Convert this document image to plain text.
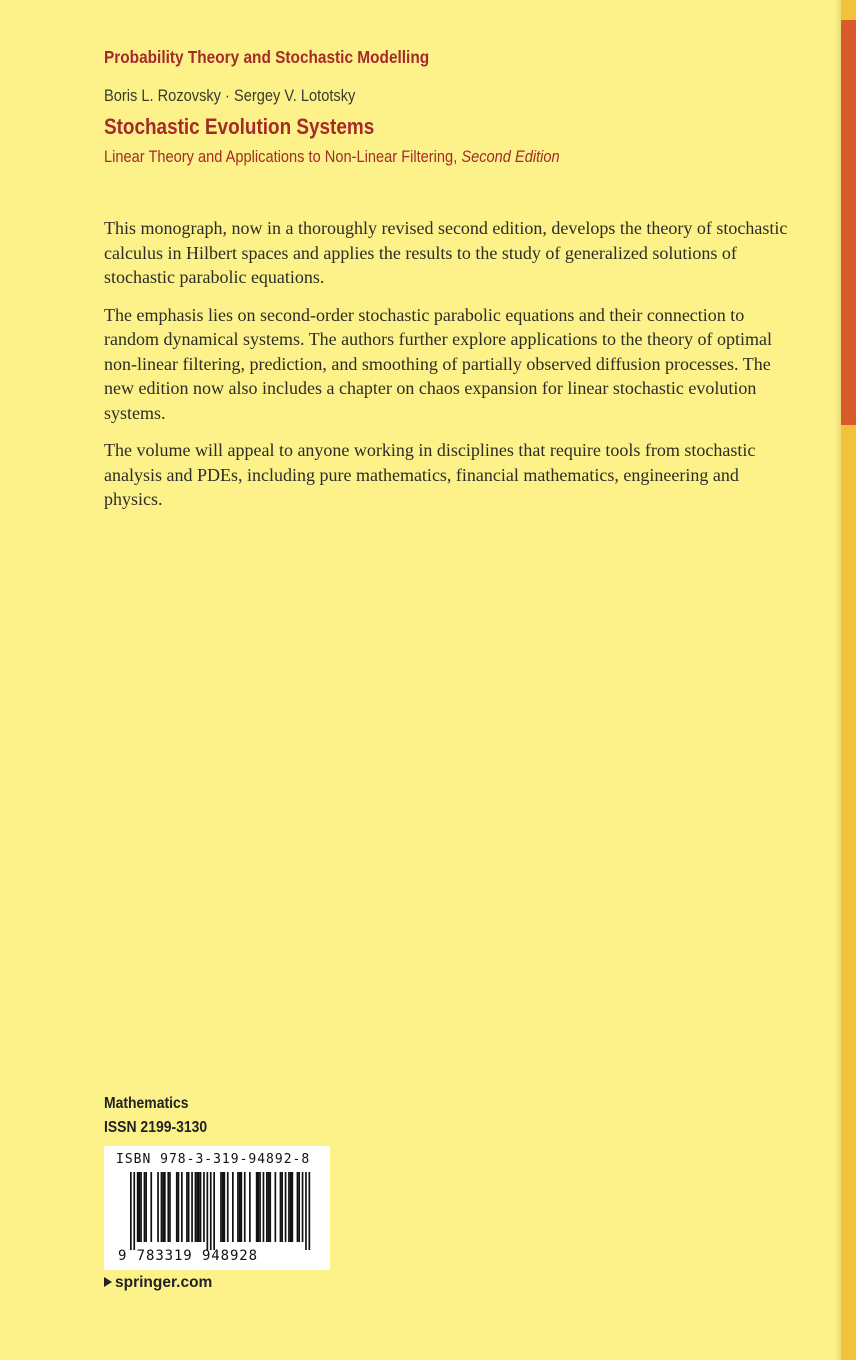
Probability Theory and Stochastic Modelling
Boris L. Rozovsky · Sergey V. Lototsky
Stochastic Evolution Systems
Linear Theory and Applications to Non-Linear Filtering, Second Edition

This monograph, now in a thoroughly revised second edition, develops the theory of stochastic calculus in Hilbert spaces and applies the results to the study of generalized solutions of stochastic parabolic equations.

The emphasis lies on second-order stochastic parabolic equations and their connection to random dynamical systems. The authors further explore applications to the theory of optimal non-linear filtering, prediction, and smoothing of partially observed diffusion processes. The new edition now also includes a chapter on chaos expansion for linear stochastic evolution systems.

The volume will appeal to anyone working in disciplines that require tools from stochastic analysis and PDEs, including pure mathematics, financial mathematics, engineering and physics.

Mathematics
ISSN 2199-3130
ISBN 978-3-319-94892-8
9 783319 948928
springer.com
